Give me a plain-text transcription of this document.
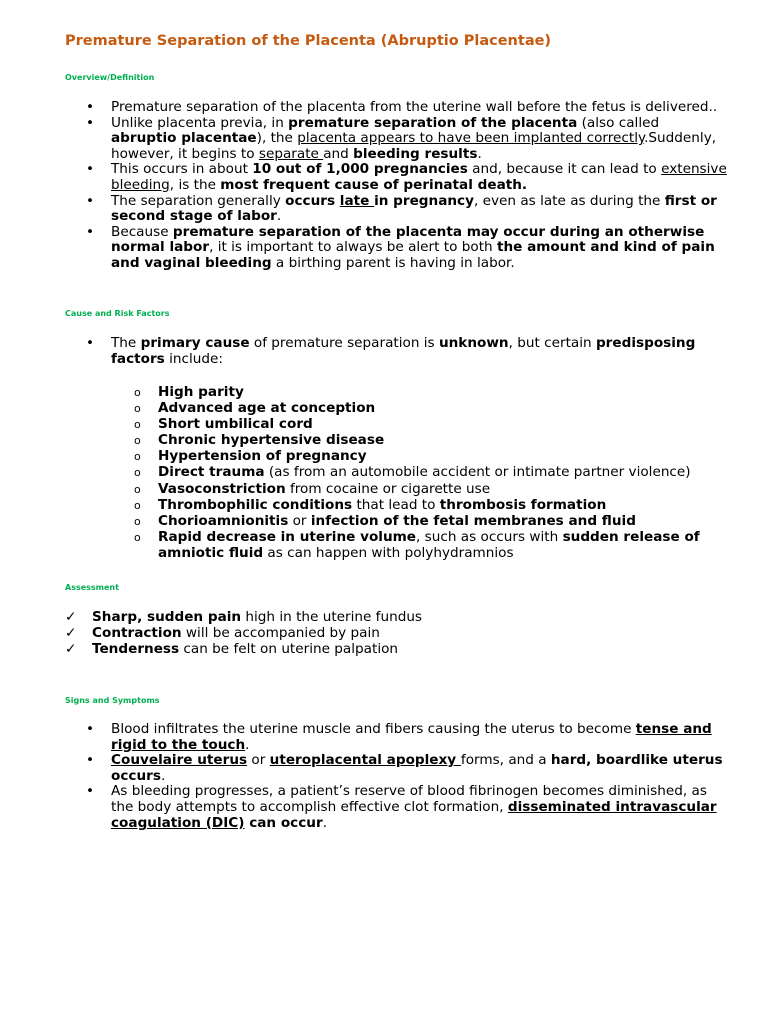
Premature Separation of the Placenta (Abruptio Placentae)
Overview/Definition
• Premature separation of the placenta from the uterine wall before the fetus is delivered..
• Unlike placenta previa, in premature separation of the placenta (also called abruptio placentae), the placenta appears to have been implanted correctly.Suddenly, however, it begins to separate and bleeding results.
• This occurs in about 10 out of 1,000 pregnancies and, because it can lead to extensive bleeding, is the most frequent cause of perinatal death.
• The separation generally occurs late in pregnancy, even as late as during the first or second stage of labor.
• Because premature separation of the placenta may occur during an otherwise normal labor, it is important to always be alert to both the amount and kind of pain and vaginal bleeding a birthing parent is having in labor.
Cause and Risk Factors
• The primary cause of premature separation is unknown, but certain predisposing factors include:
o High parity
o Advanced age at conception
o Short umbilical cord
o Chronic hypertensive disease
o Hypertension of pregnancy
o Direct trauma (as from an automobile accident or intimate partner violence)
o Vasoconstriction from cocaine or cigarette use
o Thrombophilic conditions that lead to thrombosis formation
o Chorioamnionitis or infection of the fetal membranes and fluid
o Rapid decrease in uterine volume, such as occurs with sudden release of amniotic fluid as can happen with polyhydramnios
Assessment
✓ Sharp, sudden pain high in the uterine fundus
✓ Contraction will be accompanied by pain
✓ Tenderness can be felt on uterine palpation
Signs and Symptoms
• Blood infiltrates the uterine muscle and fibers causing the uterus to become tense and rigid to the touch.
• Couvelaire uterus or uteroplacental apoplexy forms, and a hard, boardlike uterus occurs.
• As bleeding progresses, a patient’s reserve of blood fibrinogen becomes diminished, as the body attempts to accomplish effective clot formation, disseminated intravascular coagulation (DIC) can occur.
